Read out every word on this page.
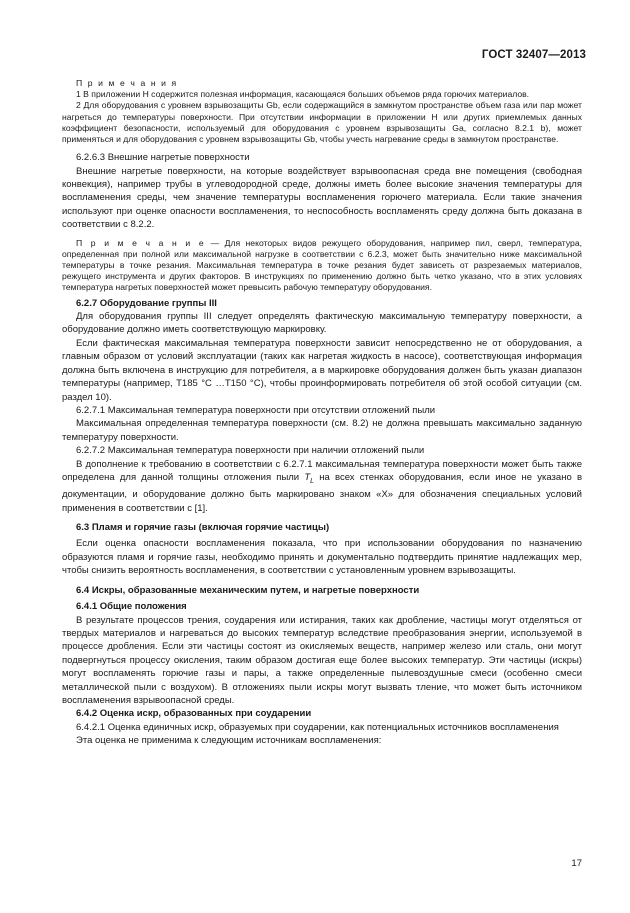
ГОСТ 32407—2013

П р и м е ч а н и я

1 В приложении Н содержится полезная информация, касающаяся больших объемов ряда горючих материалов.

2 Для оборудования с уровнем взрывозащиты Gb, если содержащийся в замкнутом пространстве объем газа или пар может нагреться до температуры поверхности. При отсутствии информации в приложении Н или других приемлемых данных коэффициент безопасности, используемый для оборудования с уровнем взрывозащиты Ga, согласно 8.2.1 b), может применяться и для оборудования с уровнем взрывозащиты Gb, чтобы учесть нагревание среды в замкнутом пространстве.

6.2.6.3 Внешние нагретые поверхности

Внешние нагретые поверхности, на которые воздействует взрывоопасная среда вне помещения (свободная конвекция), например трубы в углеводородной среде, должны иметь более высокие значения температуры для воспламенения среды, чем значение температуры воспламенения горючего материала. Если такие значения используют при оценке опасности воспламенения, то неспособность воспламенять среду должна быть доказана в соответствии с 8.2.2.

П р и м е ч а н и е — Для некоторых видов режущего оборудования, например пил, сверл, температура, определенная при полной или максимальной нагрузке в соответствии с 6.2.3, может быть значительно ниже максимальной температуры в точке резания. Максимальная температура в точке резания будет зависеть от разрезаемых материалов, режущего инструмента и других факторов. В инструкциях по применению должно быть четко указано, что в этих условиях температура нагретых поверхностей может превысить рабочую температуру оборудования.

6.2.7 Оборудование группы III

Для оборудования группы III следует определять фактическую максимальную температуру поверхности, а оборудование должно иметь соответствующую маркировку.

Если фактическая максимальная температура поверхности зависит непосредственно не от оборудования, а главным образом от условий эксплуатации (таких как нагретая жидкость в насосе), соответствующая информация должна быть включена в инструкцию для потребителя, а в маркировке оборудования должен быть указан диапазон температуры (например, T185 °C …T150 °C), чтобы проинформировать потребителя об этой особой ситуации (см. раздел 10).

6.2.7.1 Максимальная температура поверхности при отсутствии отложений пыли

Максимальная определенная температура поверхности (см. 8.2) не должна превышать максимально заданную температуру поверхности.

6.2.7.2 Максимальная температура поверхности при наличии отложений пыли

В дополнение к требованию в соответствии с 6.2.7.1 максимальная температура поверхности может быть также определена для данной толщины отложения пыли $T_L$ на всех стенках оборудования, если иное не указано в документации, и оборудование должно быть маркировано знаком «X» для обозначения специальных условий применения в соответствии с [1].

6.3 Пламя и горячие газы (включая горячие частицы)

Если оценка опасности воспламенения показала, что при использовании оборудования по назначению образуются пламя и горячие газы, необходимо принять и документально подтвердить принятие надлежащих мер, чтобы снизить вероятность воспламенения, в соответствии с установленным уровнем взрывозащиты.

6.4 Искры, образованные механическим путем, и нагретые поверхности

6.4.1 Общие положения

В результате процессов трения, соударения или истирания, таких как дробление, частицы могут отделяться от твердых материалов и нагреваться до высоких температур вследствие преобразования энергии, используемой в процессе дробления. Если эти частицы состоят из окисляемых веществ, например железо или сталь, они могут подвергнуться процессу окисления, таким образом достигая еще более высоких температур. Эти частицы (искры) могут воспламенять горючие газы и пары, а также определенные пылевоздушные смеси (особенно смеси металлической пыли с воздухом). В отложениях пыли искры могут вызвать тление, что может быть источником воспламенения взрывоопасной среды.

6.4.2 Оценка искр, образованных при соударении

6.4.2.1 Оценка единичных искр, образуемых при соударении, как потенциальных источников воспламенения

Эта оценка не применима к следующим источникам воспламенения:

17
